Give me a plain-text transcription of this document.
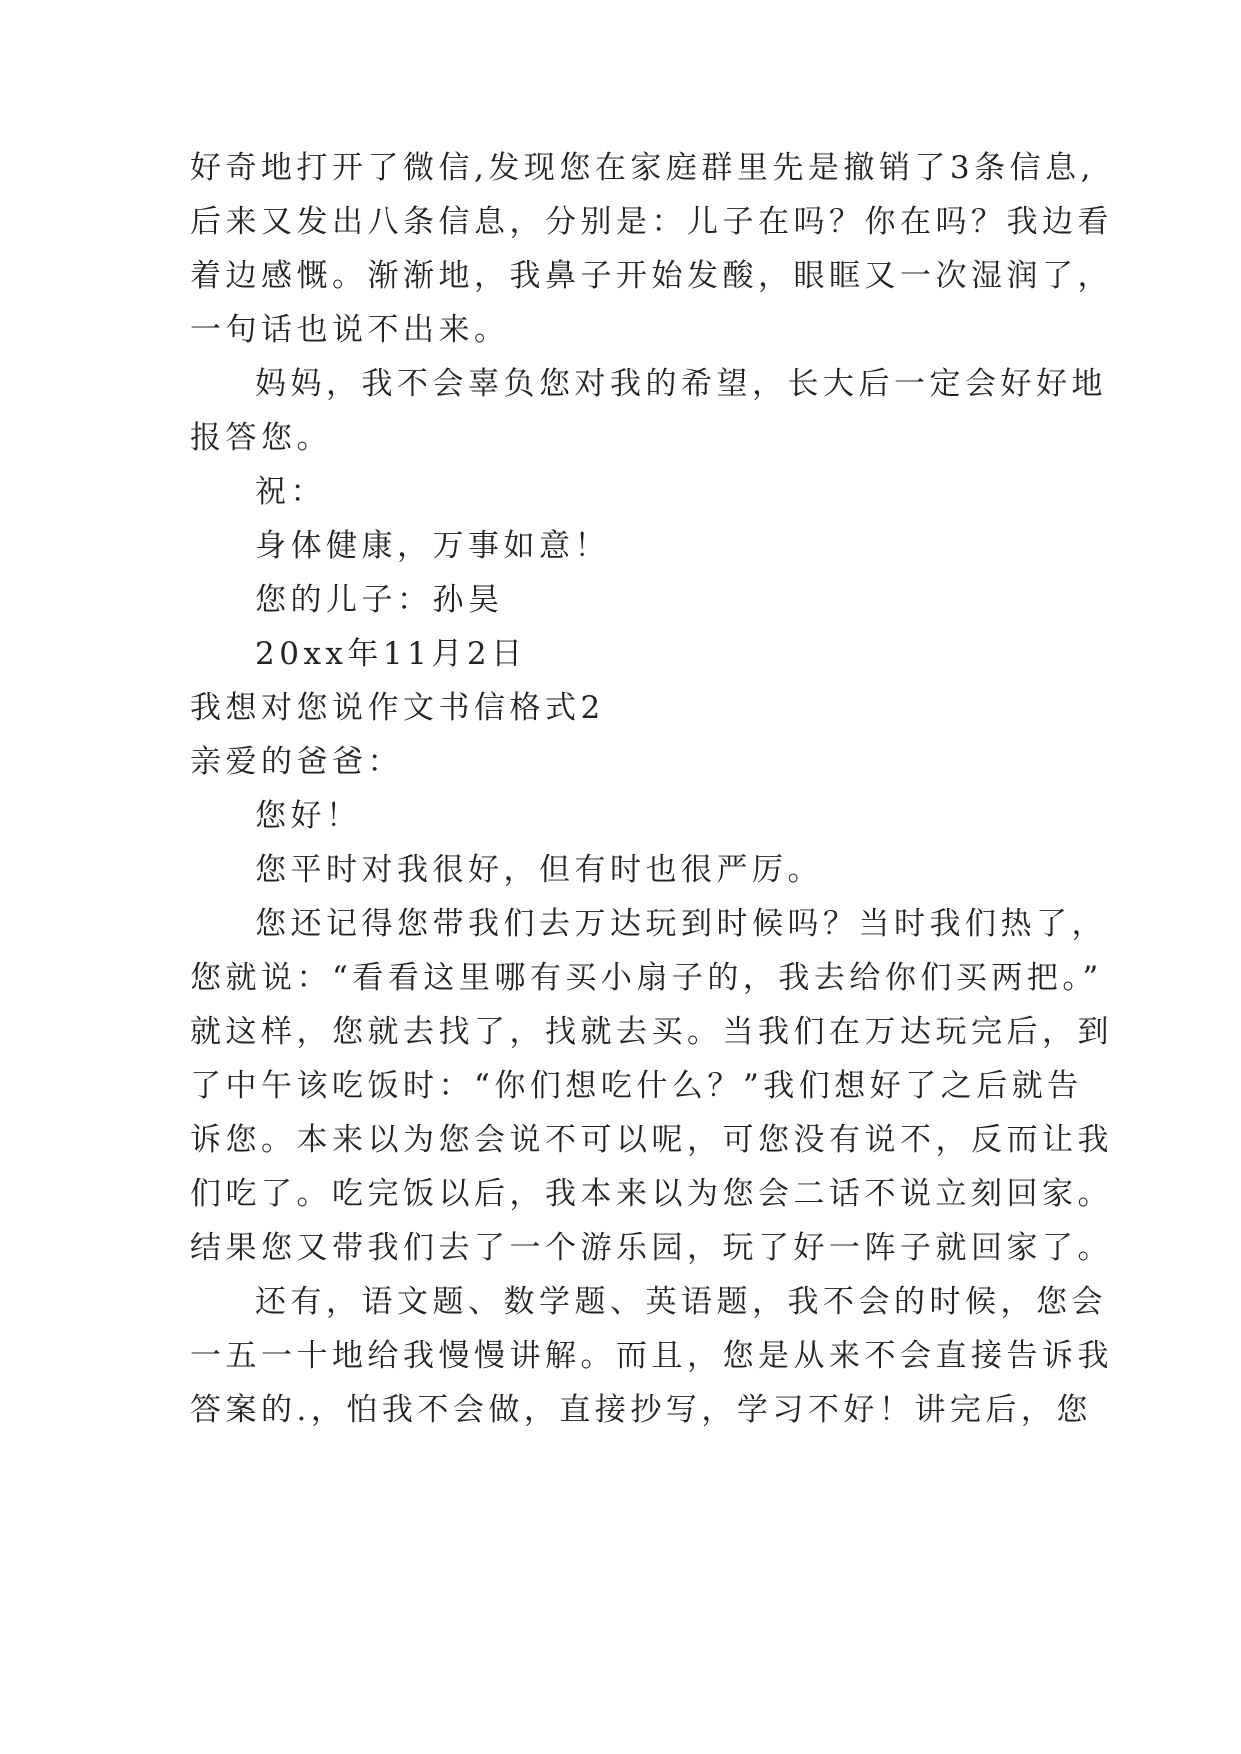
好奇地打开了微信,发现您在家庭群里先是撤销了3条信息,
后来又发出八条信息，分别是：儿子在吗？你在吗？我边看
着边感慨。渐渐地，我鼻子开始发酸，眼眶又一次湿润了，
一句话也说不出来。
妈妈，我不会辜负您对我的希望，长大后一定会好好地
报答您。
祝：
身体健康，万事如意！
您的儿子：孙昊
20xx年11月2日
我想对您说作文书信格式2
亲爱的爸爸：
您好！
您平时对我很好，但有时也很严厉。
您还记得您带我们去万达玩到时候吗？当时我们热了，
您就说：“看看这里哪有买小扇子的，我去给你们买两把。”
就这样，您就去找了，找就去买。当我们在万达玩完后，到
了中午该吃饭时：“你们想吃什么？”我们想好了之后就告
诉您。本来以为您会说不可以呢，可您没有说不，反而让我
们吃了。吃完饭以后，我本来以为您会二话不说立刻回家。
结果您又带我们去了一个游乐园，玩了好一阵子就回家了。
还有，语文题、数学题、英语题，我不会的时候，您会
一五一十地给我慢慢讲解。而且，您是从来不会直接告诉我
答案的.，怕我不会做，直接抄写，学习不好！讲完后，您
